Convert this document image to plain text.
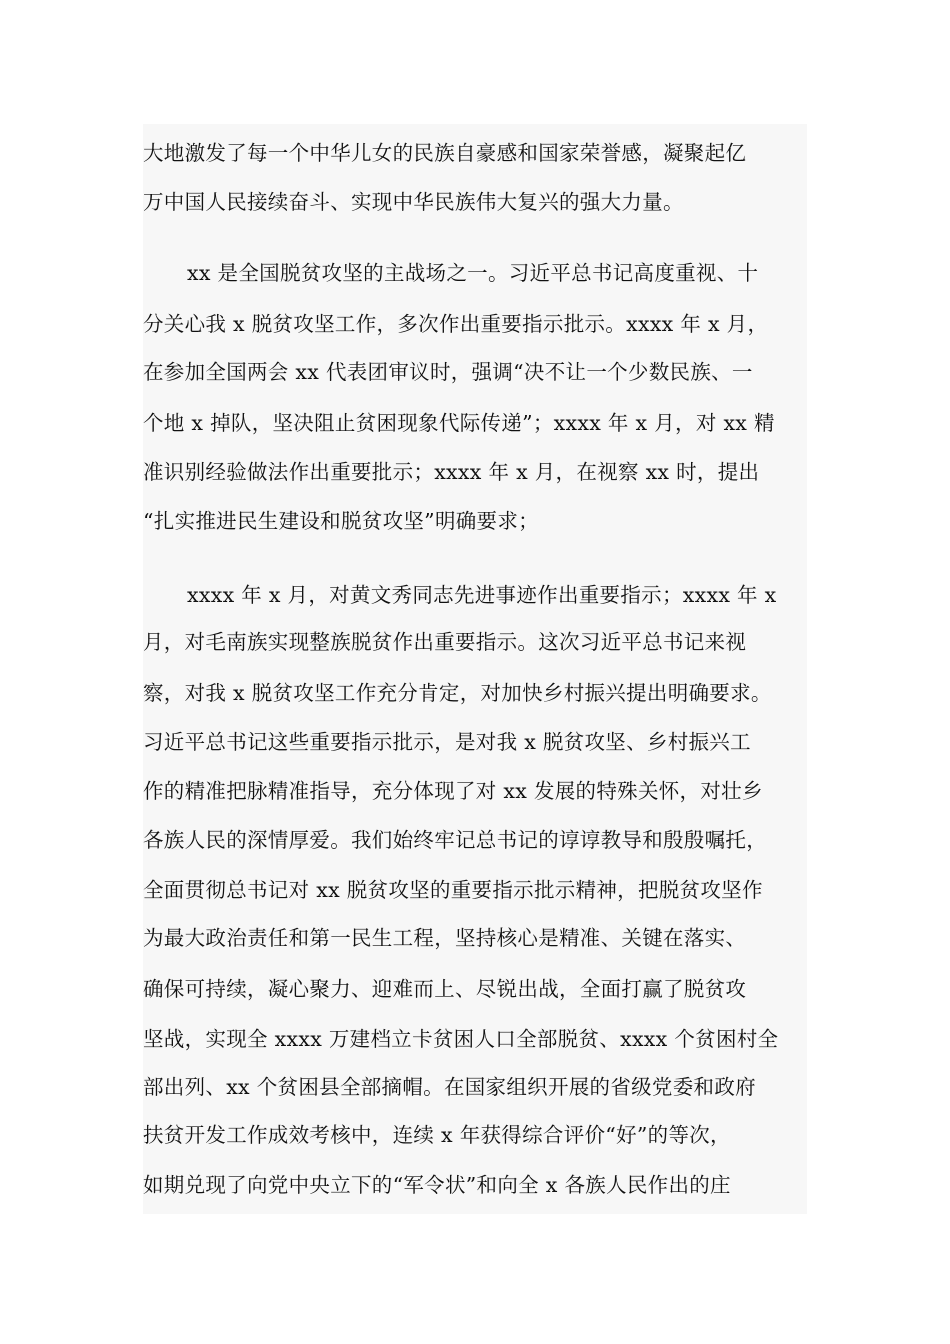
大地激发了每一个中华儿女的民族自豪感和国家荣誉感，凝聚起亿
万中国人民接续奋斗、实现中华民族伟大复兴的强大力量。
xx 是全国脱贫攻坚的主战场之一。习近平总书记高度重视、十
分关心我 x 脱贫攻坚工作，多次作出重要指示批示。xxxx 年 x 月，
在参加全国两会 xx 代表团审议时，强调“决不让一个少数民族、一
个地 x 掉队，坚决阻止贫困现象代际传递”；xxxx 年 x 月，对 xx 精
准识别经验做法作出重要批示；xxxx 年 x 月，在视察 xx 时，提出
“扎实推进民生建设和脱贫攻坚”明确要求；
xxxx 年 x 月，对黄文秀同志先进事迹作出重要指示；xxxx 年 x
月，对毛南族实现整族脱贫作出重要指示。这次习近平总书记来视
察，对我 x 脱贫攻坚工作充分肯定，对加快乡村振兴提出明确要求。
习近平总书记这些重要指示批示，是对我 x 脱贫攻坚、乡村振兴工
作的精准把脉精准指导，充分体现了对 xx 发展的特殊关怀，对壮乡
各族人民的深情厚爱。我们始终牢记总书记的谆谆教导和殷殷嘱托，
全面贯彻总书记对 xx 脱贫攻坚的重要指示批示精神，把脱贫攻坚作
为最大政治责任和第一民生工程，坚持核心是精准、关键在落实、
确保可持续，凝心聚力、迎难而上、尽锐出战，全面打赢了脱贫攻
坚战，实现全 xxxx 万建档立卡贫困人口全部脱贫、xxxx 个贫困村全
部出列、xx 个贫困县全部摘帽。在国家组织开展的省级党委和政府
扶贫开发工作成效考核中，连续 x 年获得综合评价“好”的等次，
如期兑现了向党中央立下的“军令状”和向全 x 各族人民作出的庄
